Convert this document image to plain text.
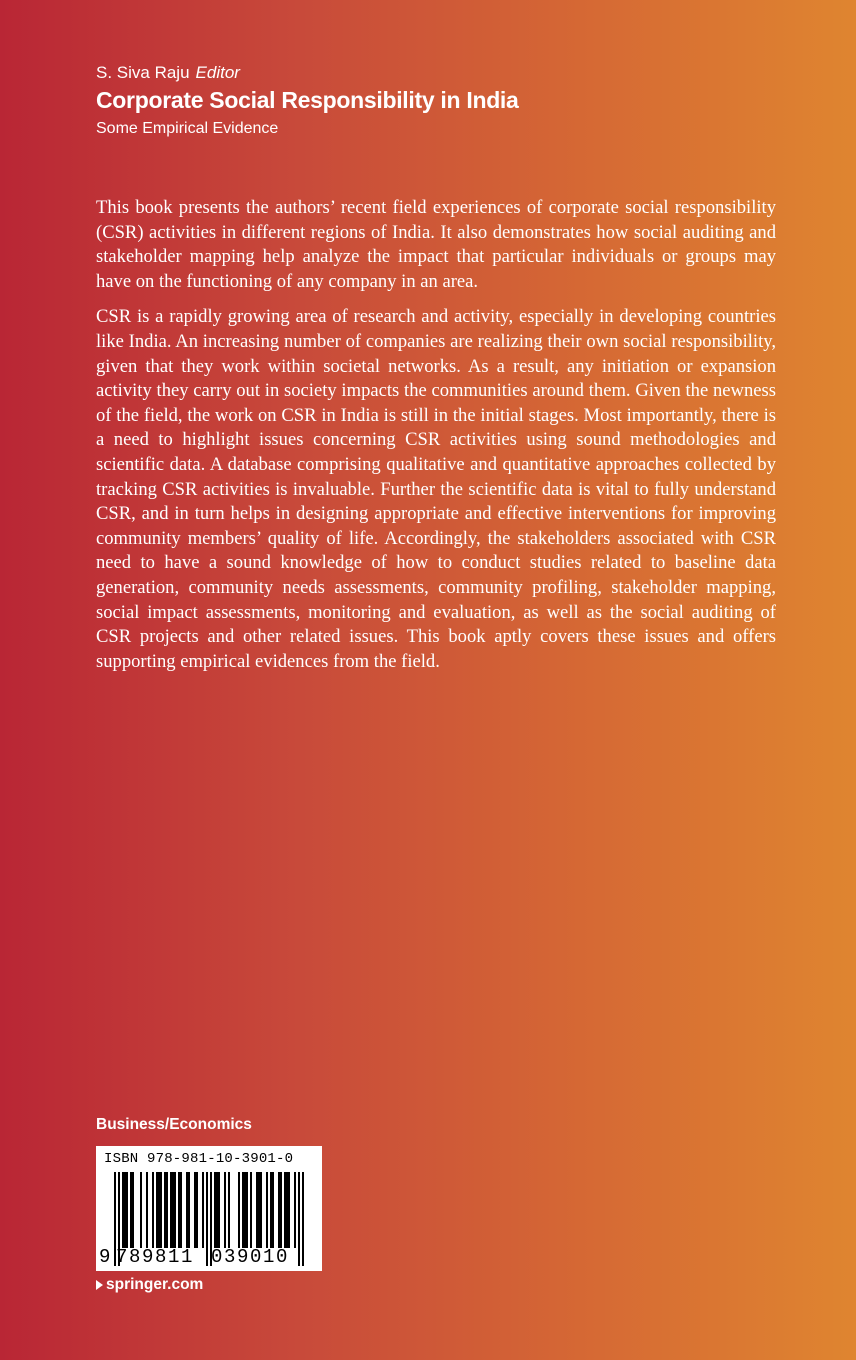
S. Siva Raju Editor
Corporate Social Responsibility in India
Some Empirical Evidence

This book presents the authors’ recent field experiences of corporate social responsibility (CSR) activities in different regions of India. It also demonstrates how social auditing and stakeholder mapping help analyze the impact that particular individuals or groups may have on the functioning of any company in an area.

CSR is a rapidly growing area of research and activity, especially in developing countries like India. An increasing number of companies are realizing their own social responsibility, given that they work within societal networks. As a result, any initiation or expansion activity they carry out in society impacts the communities around them. Given the newness of the field, the work on CSR in India is still in the initial stages. Most importantly, there is a need to highlight issues concerning CSR activities using sound methodologies and scientific data. A database comprising qualitative and quantitative approaches collected by tracking CSR activities is invaluable. Further the scientific data is vital to fully understand CSR, and in turn helps in designing appropriate and effective interventions for improving community members’ quality of life. Accordingly, the stakeholders associated with CSR need to have a sound knowledge of how to conduct studies related to baseline data generation, community needs assessments, community profiling, stakeholder mapping, social impact assessments, monitoring and evaluation, as well as the social auditing of CSR projects and other related issues. This book aptly covers these issues and offers supporting empirical evidences from the field.

Business/Economics
ISBN 978-981-10-3901-0
9 789811 039010
springer.com
